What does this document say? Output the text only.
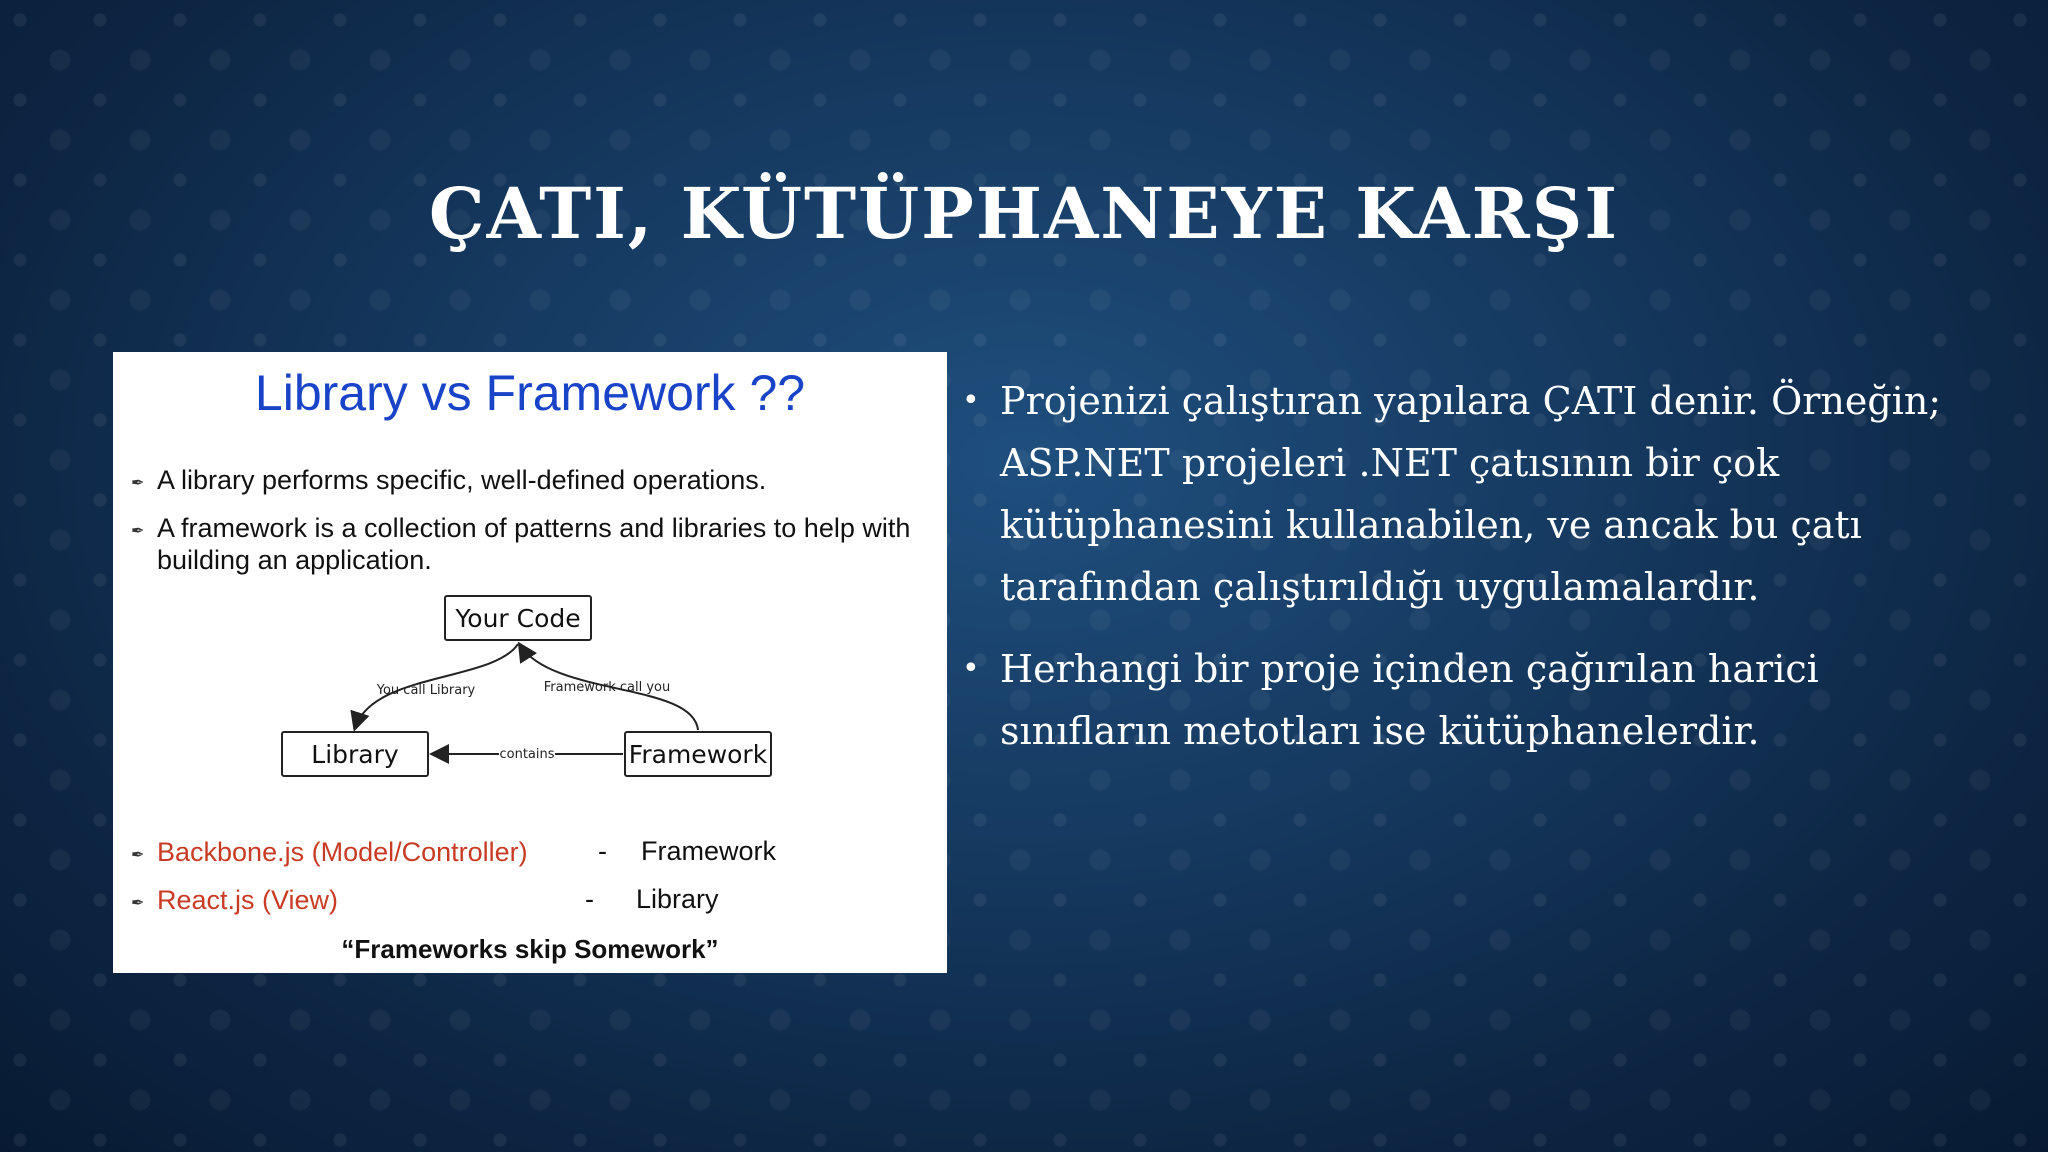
ÇATI, KÜTÜPHANEYE KARŞI
Library vs Framework ??
✒ A library performs specific, well-defined operations.
✒ A framework is a collection of patterns and libraries to help with
building an application.
Your Code
Library	Framework
You call Library	Framework call you
contains
✒ Backbone.js (Model/Controller)	- Framework
✒ React.js (View)	- Library
“Frameworks skip Somework”
• Projenizi çalıştıran yapılara ÇATI denir. Örneğin; ASP.NET projeleri .NET çatısının bir çok kütüphanesini kullanabilen, ve ancak bu çatı tarafından çalıştırıldığı uygulamalardır.
• Herhangi bir proje içinden çağırılan harici sınıfların metotları ise kütüphanelerdir.
